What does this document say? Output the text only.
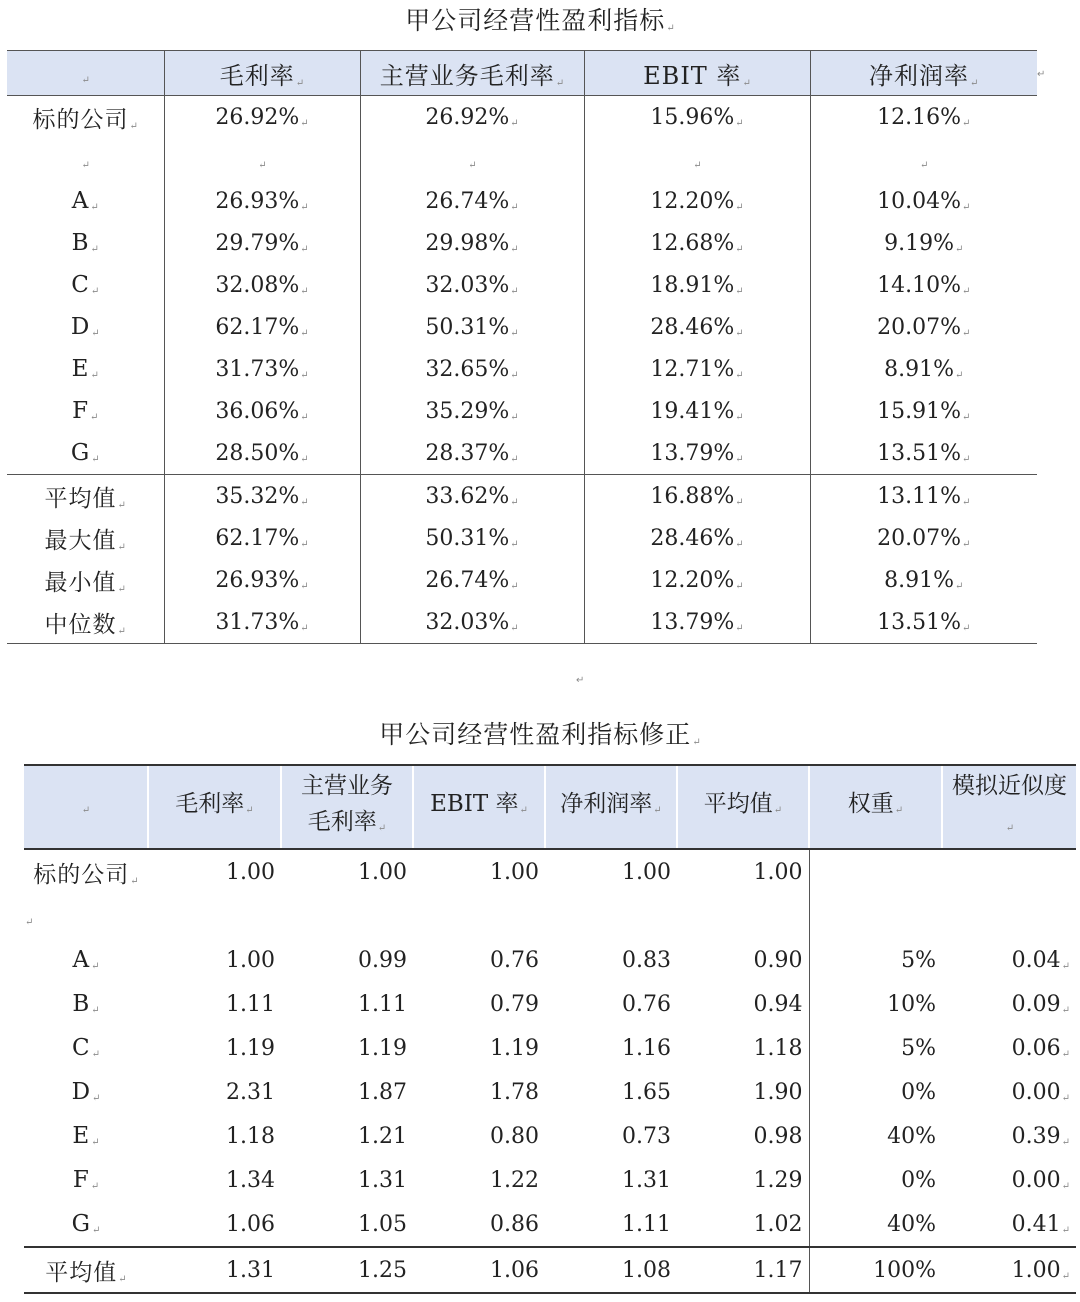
甲公司经营性盈利指标 ↵
↵	毛利率 ↵	主营业务毛利率 ↵	EBIT 率 ↵	净利润率 ↵
标的公司 ↵	26.92% ↵	26.92% ↵	15.96% ↵	12.16% ↵
↵	↵	↵	↵	↵
A ↵	26.93% ↵	26.74% ↵	12.20% ↵	10.04% ↵
B ↵	29.79% ↵	29.98% ↵	12.68% ↵	9.19% ↵
C ↵	32.08% ↵	32.03% ↵	18.91% ↵	14.10% ↵
D ↵	62.17% ↵	50.31% ↵	28.46% ↵	20.07% ↵
E ↵	31.73% ↵	32.65% ↵	12.71% ↵	8.91% ↵
F ↵	36.06% ↵	35.29% ↵	19.41% ↵	15.91% ↵
G ↵	28.50% ↵	28.37% ↵	13.79% ↵	13.51% ↵
平均值 ↵	35.32% ↵	33.62% ↵	16.88% ↵	13.11% ↵
最大值 ↵	62.17% ↵	50.31% ↵	28.46% ↵	20.07% ↵
最小值 ↵	26.93% ↵	26.74% ↵	12.20% ↵	8.91% ↵
中位数 ↵	31.73% ↵	32.03% ↵	13.79% ↵	13.51% ↵
↵
↵
甲公司经营性盈利指标修正 ↵
↵	毛利率 ↵	主营业务毛利率 ↵	EBIT 率 ↵	净利润率 ↵	平均值 ↵	权重 ↵	模拟近似度 ↵
标的公司 ↵	1.00	1.00	1.00	1.00	1.00		
↵							
A ↵	1.00	0.99	0.76	0.83	0.90	5%	0.04 ↵
B ↵	1.11	1.11	0.79	0.76	0.94	10%	0.09 ↵
C ↵	1.19	1.19	1.19	1.16	1.18	5%	0.06 ↵
D ↵	2.31	1.87	1.78	1.65	1.90	0%	0.00 ↵
E ↵	1.18	1.21	0.80	0.73	0.98	40%	0.39 ↵
F ↵	1.34	1.31	1.22	1.31	1.29	0%	0.00 ↵
G ↵	1.06	1.05	0.86	1.11	1.02	40%	0.41 ↵
平均值 ↵	1.31	1.25	1.06	1.08	1.17	100%	1.00 ↵
